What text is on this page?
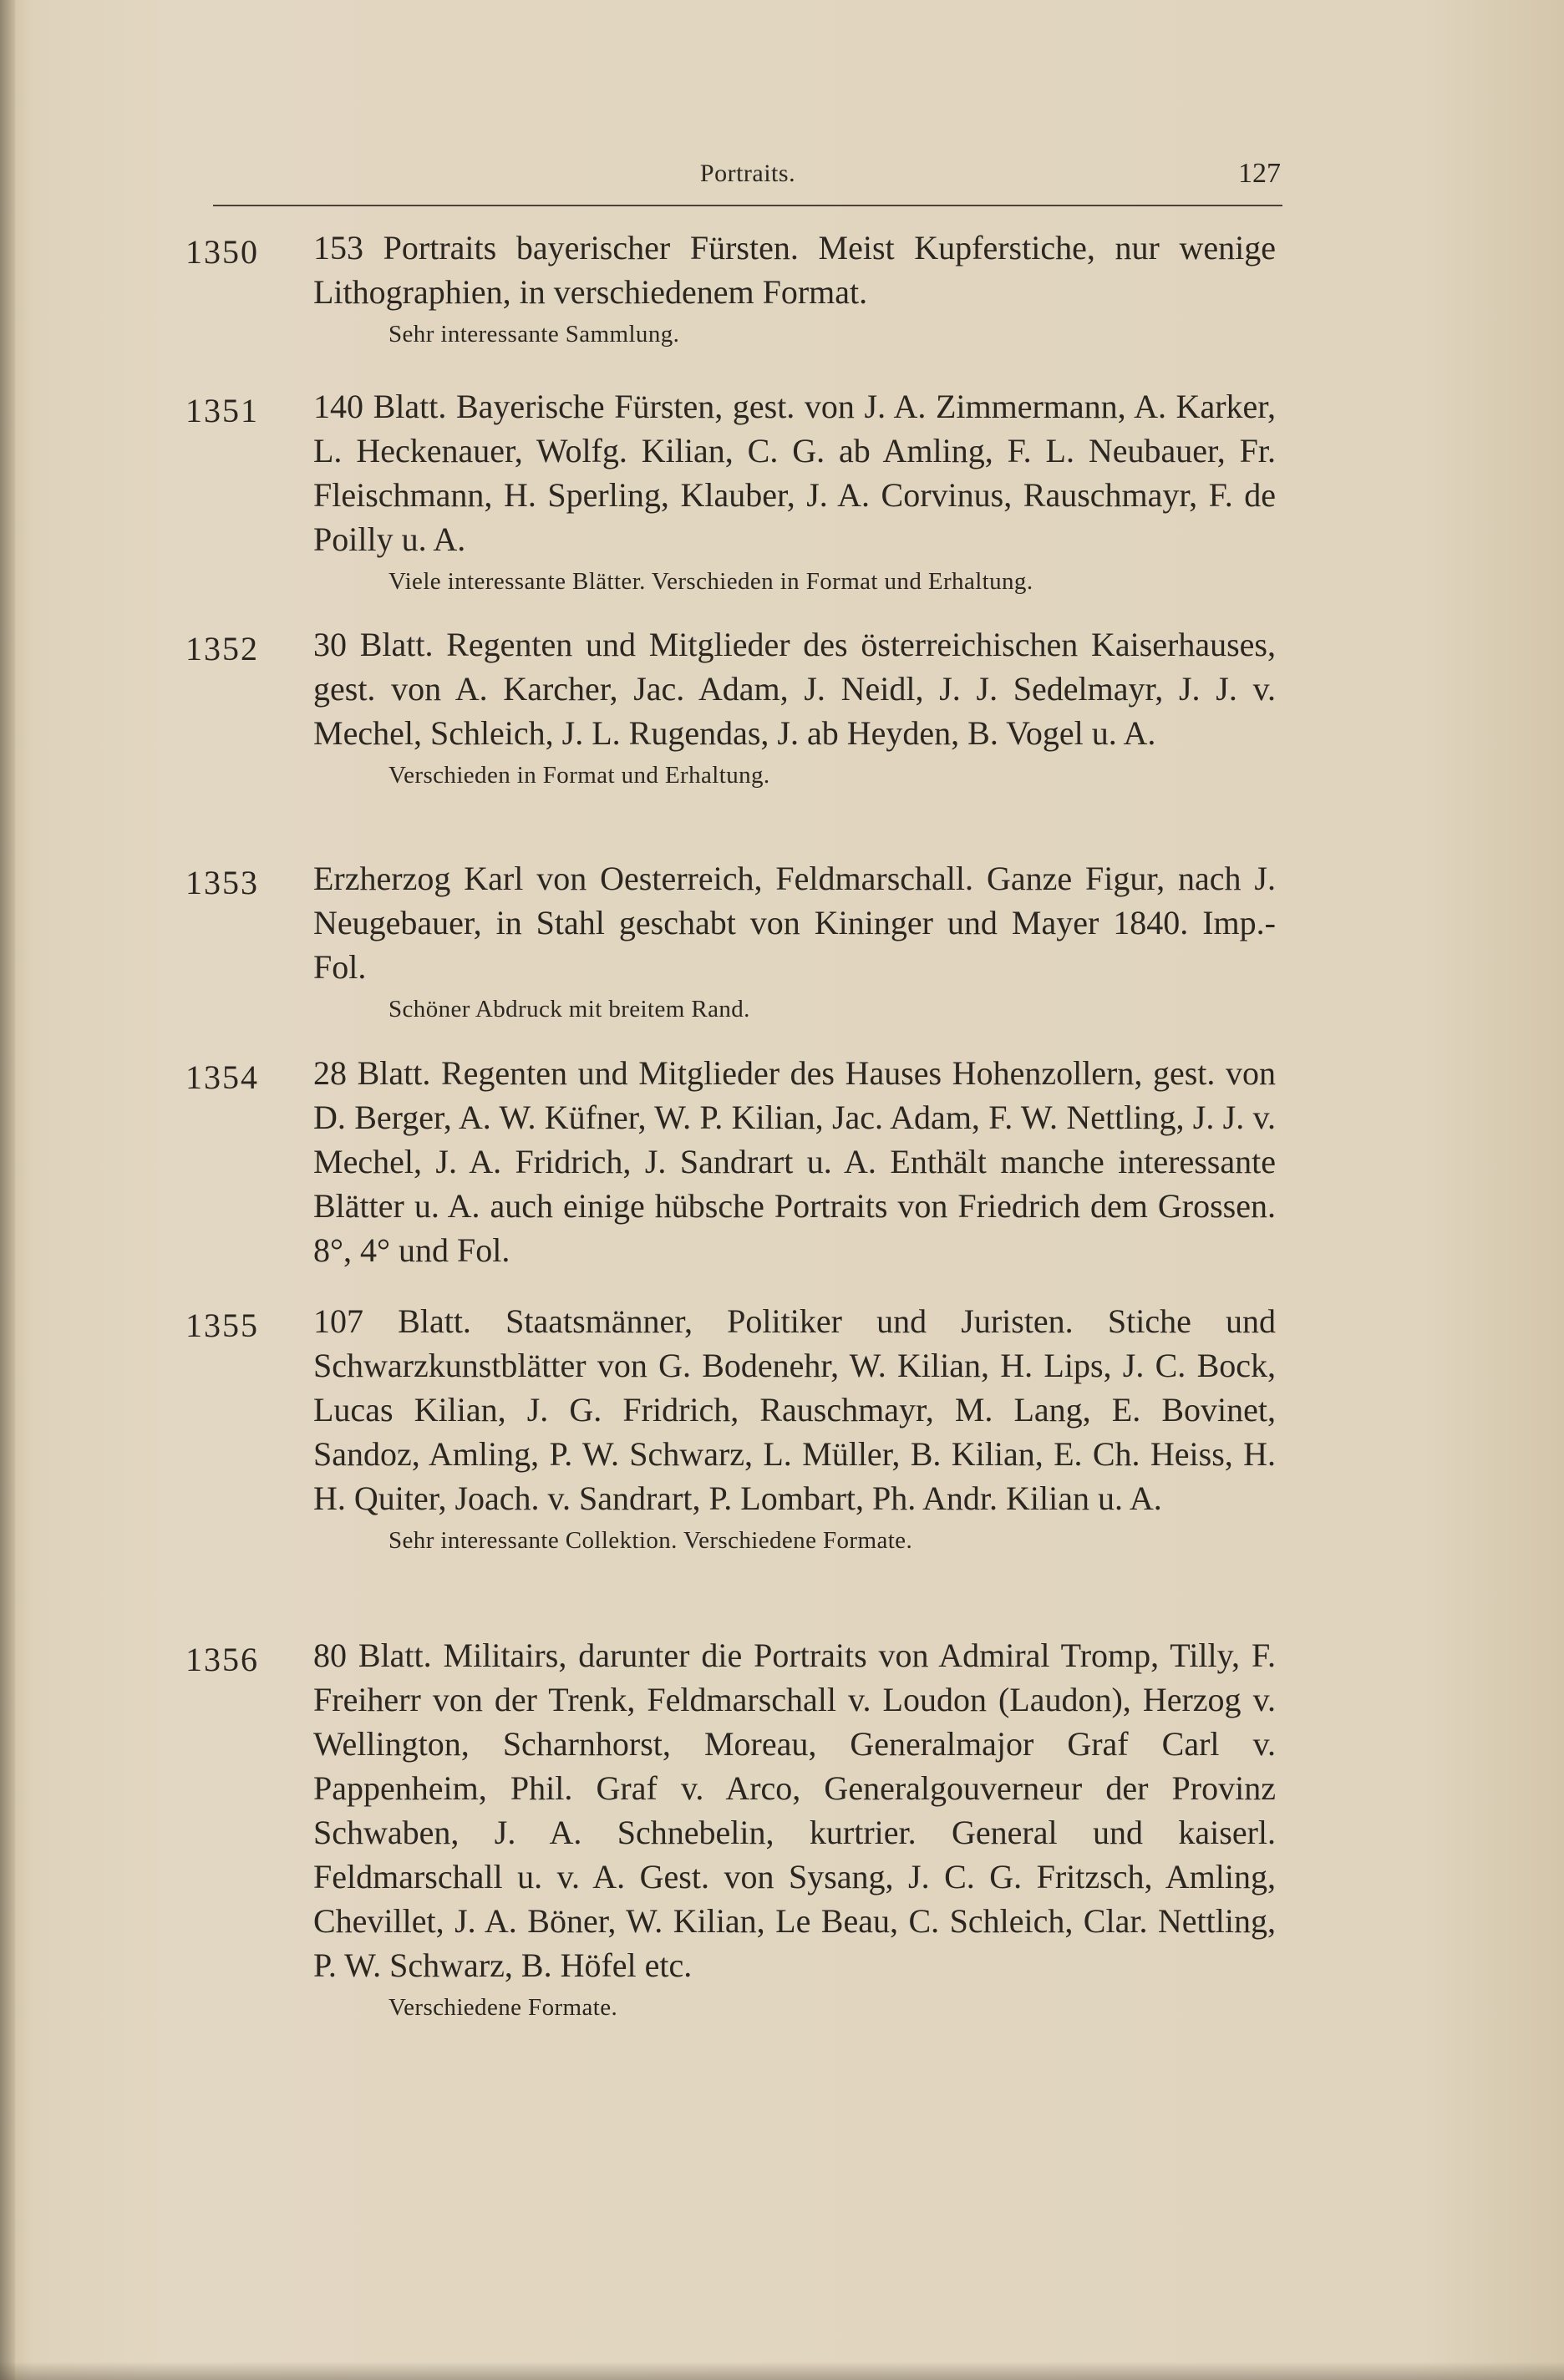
Portraits.	127
1350 153 Portraits bayerischer Fürsten. Meist Kupferstiche, nur wenige Lithographien, in verschiedenem Format.
Sehr interessante Sammlung.
1351 140 Blatt. Bayerische Fürsten, gest. von J. A. Zimmermann, A. Karker, L. Heckenauer, Wolfg. Kilian, C. G. ab Amling, F. L. Neubauer, Fr. Fleischmann, H. Sperling, Klauber, J. A. Corvinus, Rauschmayr, F. de Poilly u. A.
Viele interessante Blätter. Verschieden in Format und Erhaltung.
1352 30 Blatt. Regenten und Mitglieder des österreichischen Kaiserhauses, gest. von A. Karcher, Jac. Adam, J. Neidl, J. J. Sedelmayr, J. J. v. Mechel, Schleich, J. L. Rugendas, J. ab Heyden, B. Vogel u. A.
Verschieden in Format und Erhaltung.
1353 Erzherzog Karl von Oesterreich, Feldmarschall. Ganze Figur, nach J. Neugebauer, in Stahl geschabt von Kininger und Mayer 1840. Imp.-Fol.
Schöner Abdruck mit breitem Rand.
1354 28 Blatt. Regenten und Mitglieder des Hauses Hohenzollern, gest. von D. Berger, A. W. Küfner, W. P. Kilian, Jac. Adam, F. W. Nettling, J. J. v. Mechel, J. A. Fridrich, J. Sandrart u. A. Enthält manche interessante Blätter u. A. auch einige hübsche Portraits von Friedrich dem Grossen. 8°, 4° und Fol.
1355 107 Blatt. Staatsmänner, Politiker und Juristen. Stiche und Schwarzkunstblätter von G. Bodenehr, W. Kilian, H. Lips, J. C. Bock, Lucas Kilian, J. G. Fridrich, Rauschmayr, M. Lang, E. Bovinet, Sandoz, Amling, P. W. Schwarz, L. Müller, B. Kilian, E. Ch. Heiss, H. H. Quiter, Joach. v. Sandrart, P. Lombart, Ph. Andr. Kilian u. A.
Sehr interessante Collektion. Verschiedene Formate.
1356 80 Blatt. Militairs, darunter die Portraits von Admiral Tromp, Tilly, F. Freiherr von der Trenk, Feldmarschall v. Loudon (Laudon), Herzog v. Wellington, Scharnhorst, Moreau, Generalmajor Graf Carl v. Pappenheim, Phil. Graf v. Arco, Generalgouverneur der Provinz Schwaben, J. A. Schnebelin, kurtrier. General und kaiserl. Feldmarschall u. v. A. Gest. von Sysang, J. C. G. Fritzsch, Amling, Chevillet, J. A. Böner, W. Kilian, Le Beau, C. Schleich, Clar. Nettling, P. W. Schwarz, B. Höfel etc.
Verschiedene Formate.
